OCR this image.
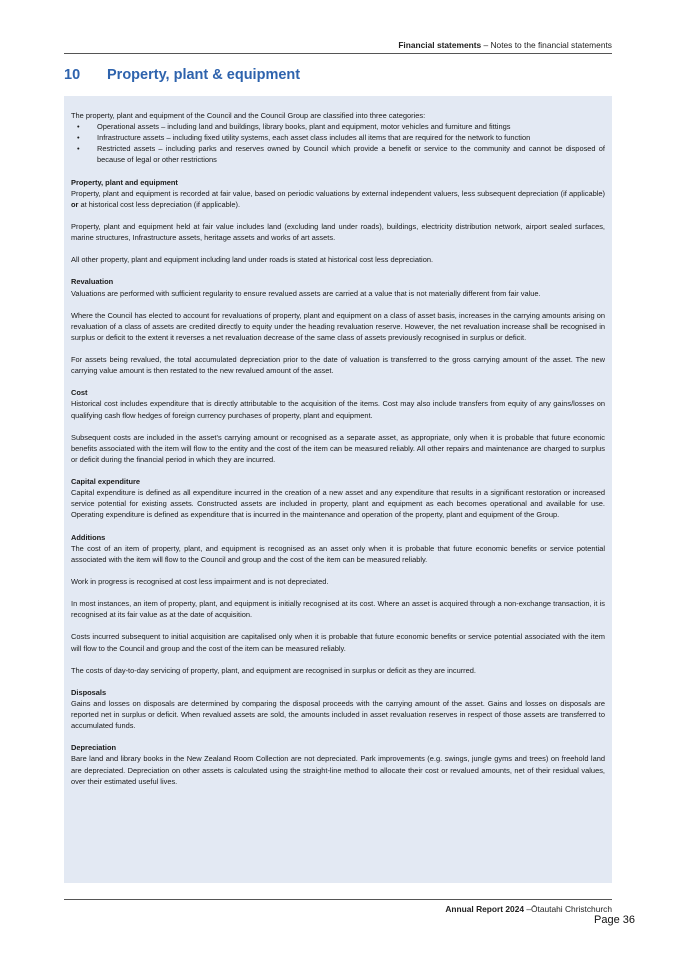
Financial statements – Notes to the financial statements
10 Property, plant & equipment

The property, plant and equipment of the Council and the Council Group are classified into three categories:

• Operational assets – including land and buildings, library books, plant and equipment, motor vehicles and furniture and fittings
• Infrastructure assets – including fixed utility systems, each asset class includes all items that are required for the network to function
• Restricted assets – including parks and reserves owned by Council which provide a benefit or service to the community and cannot be disposed of because of legal or other restrictions
Property, plant and equipment

Property, plant and equipment is recorded at fair value, based on periodic valuations by external independent valuers, less subsequent depreciation (if applicable) or at historical cost less depreciation (if applicable).

Property, plant and equipment held at fair value includes land (excluding land under roads), buildings, electricity distribution network, airport sealed surfaces, marine structures, Infrastructure assets, heritage assets and works of art assets.

All other property, plant and equipment including land under roads is stated at historical cost less depreciation.

Revaluation

Valuations are performed with sufficient regularity to ensure revalued assets are carried at a value that is not materially different from fair value.

Where the Council has elected to account for revaluations of property, plant and equipment on a class of asset basis, increases in the carrying amounts arising on revaluation of a class of assets are credited directly to equity under the heading revaluation reserve. However, the net revaluation increase shall be recognised in surplus or deficit to the extent it reverses a net revaluation decrease of the same class of assets previously recognised in surplus or deficit.

For assets being revalued, the total accumulated depreciation prior to the date of valuation is transferred to the gross carrying amount of the asset. The new carrying value amount is then restated to the new revalued amount of the asset.

Cost

Historical cost includes expenditure that is directly attributable to the acquisition of the items. Cost may also include transfers from equity of any gains/losses on qualifying cash flow hedges of foreign currency purchases of property, plant and equipment.

Subsequent costs are included in the asset’s carrying amount or recognised as a separate asset, as appropriate, only when it is probable that future economic benefits associated with the item will flow to the entity and the cost of the item can be measured reliably. All other repairs and maintenance are charged to surplus or deficit during the financial period in which they are incurred.

Capital expenditure

Capital expenditure is defined as all expenditure incurred in the creation of a new asset and any expenditure that results in a significant restoration or increased service potential for existing assets. Constructed assets are included in property, plant and equipment as each becomes operational and available for use. Operating expenditure is defined as expenditure that is incurred in the maintenance and operation of the property, plant and equipment of the Group.

Additions

The cost of an item of property, plant, and equipment is recognised as an asset only when it is probable that future economic benefits or service potential associated with the item will flow to the Council and group and the cost of the item can be measured reliably.

Work in progress is recognised at cost less impairment and is not depreciated.

In most instances, an item of property, plant, and equipment is initially recognised at its cost. Where an asset is acquired through a non-exchange transaction, it is recognised at its fair value as at the date of acquisition.

Costs incurred subsequent to initial acquisition are capitalised only when it is probable that future economic benefits or service potential associated with the item will flow to the Council and group and the cost of the item can be measured reliably.

The costs of day-to-day servicing of property, plant, and equipment are recognised in surplus or deficit as they are incurred.

Disposals

Gains and losses on disposals are determined by comparing the disposal proceeds with the carrying amount of the asset. Gains and losses on disposals are reported net in surplus or deficit. When revalued assets are sold, the amounts included in asset revaluation reserves in respect of those assets are transferred to accumulated funds.

Depreciation

Bare land and library books in the New Zealand Room Collection are not depreciated. Park improvements (e.g. swings, jungle gyms and trees) on freehold land are depreciated. Depreciation on other assets is calculated using the straight-line method to allocate their cost or revalued amounts, net of their residual values, over their estimated useful lives.

Annual Report 2024 –Ōtautahi Christchurch
Page 36
